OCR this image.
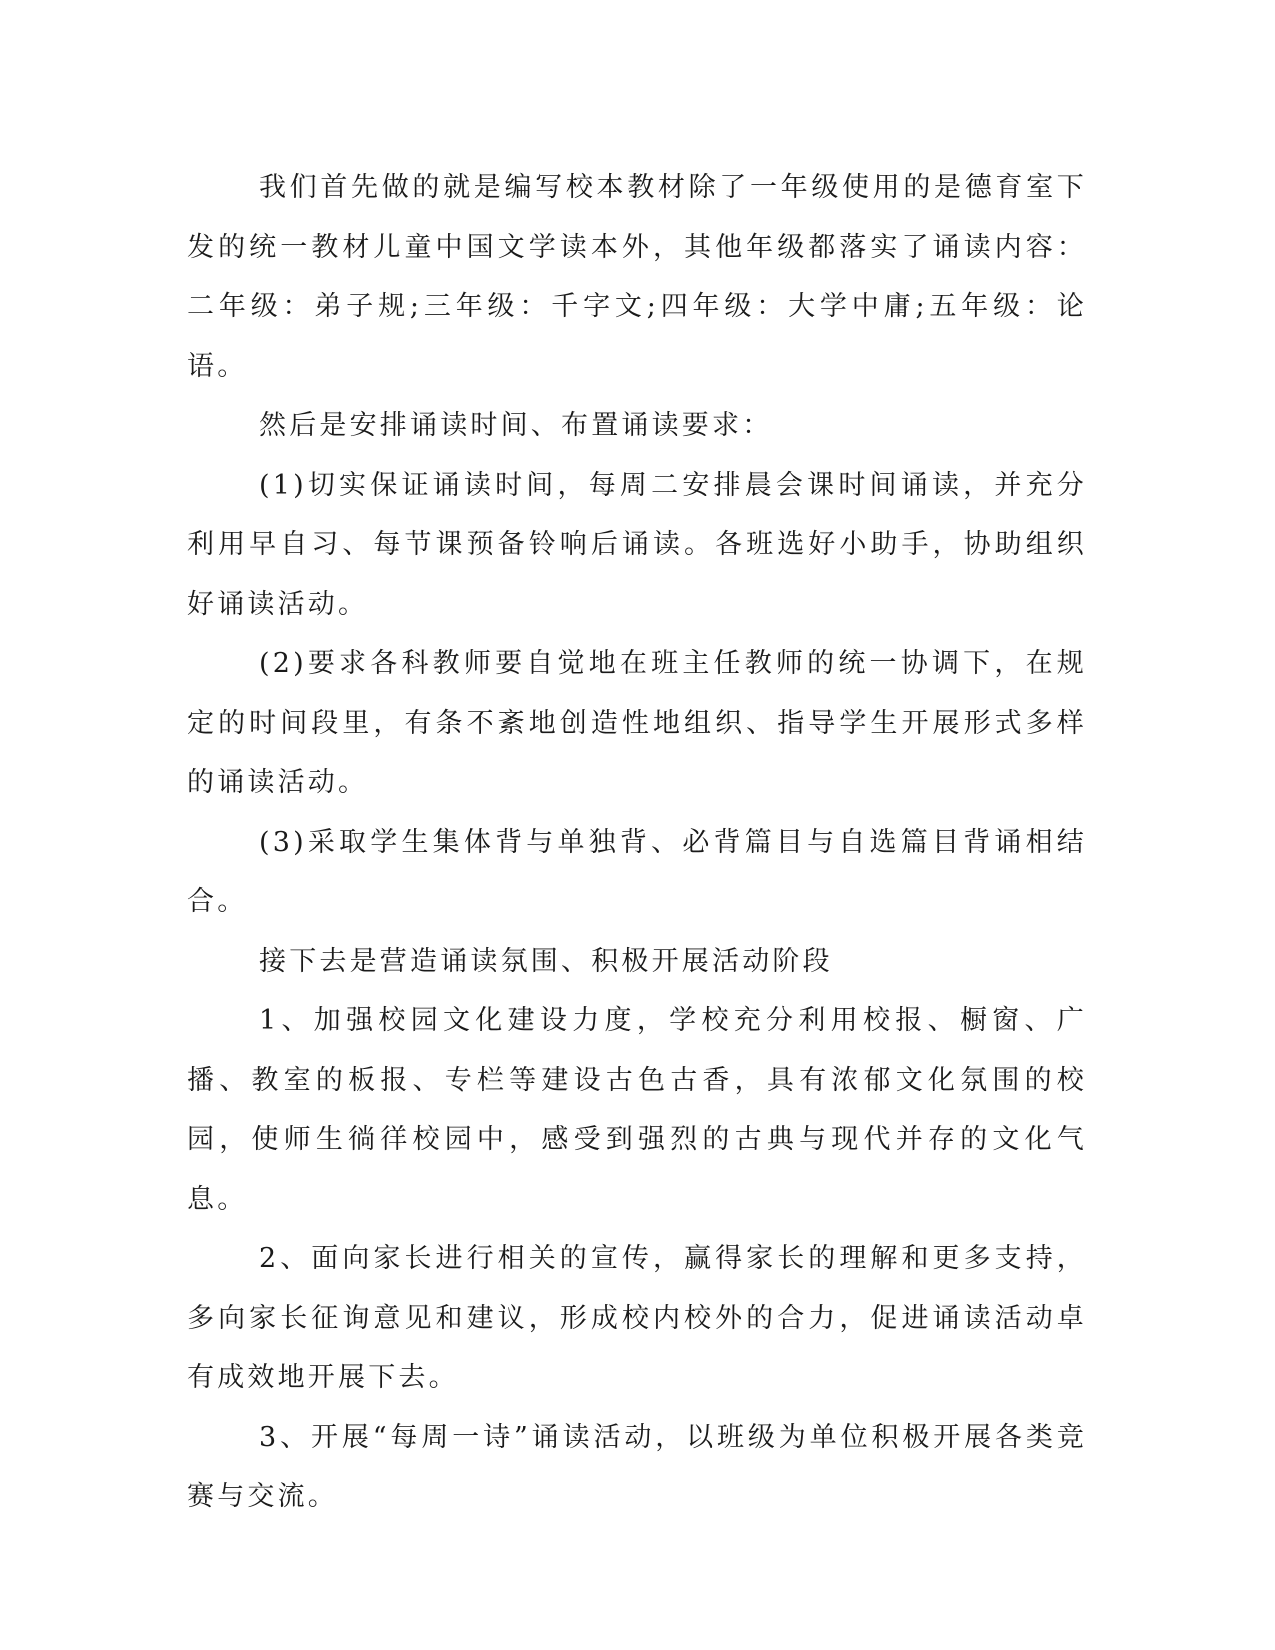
我们首先做的就是编写校本教材除了一年级使用的是德育室下发的统一教材儿童中国文学读本外，其他年级都落实了诵读内容：二年级：弟子规;三年级：千字文;四年级：大学中庸;五年级：论语。

然后是安排诵读时间、布置诵读要求：

(1)切实保证诵读时间，每周二安排晨会课时间诵读，并充分利用早自习、每节课预备铃响后诵读。各班选好小助手，协助组织好诵读活动。

(2)要求各科教师要自觉地在班主任教师的统一协调下，在规定的时间段里，有条不紊地创造性地组织、指导学生开展形式多样的诵读活动。

(3)采取学生集体背与单独背、必背篇目与自选篇目背诵相结合。

接下去是营造诵读氛围、积极开展活动阶段

1、加强校园文化建设力度，学校充分利用校报、橱窗、广播、教室的板报、专栏等建设古色古香，具有浓郁文化氛围的校园，使师生徜徉校园中，感受到强烈的古典与现代并存的文化气息。

2、面向家长进行相关的宣传，赢得家长的理解和更多支持，多向家长征询意见和建议，形成校内校外的合力，促进诵读活动卓有成效地开展下去。

3、开展“每周一诗”诵读活动，以班级为单位积极开展各类竞赛与交流。
